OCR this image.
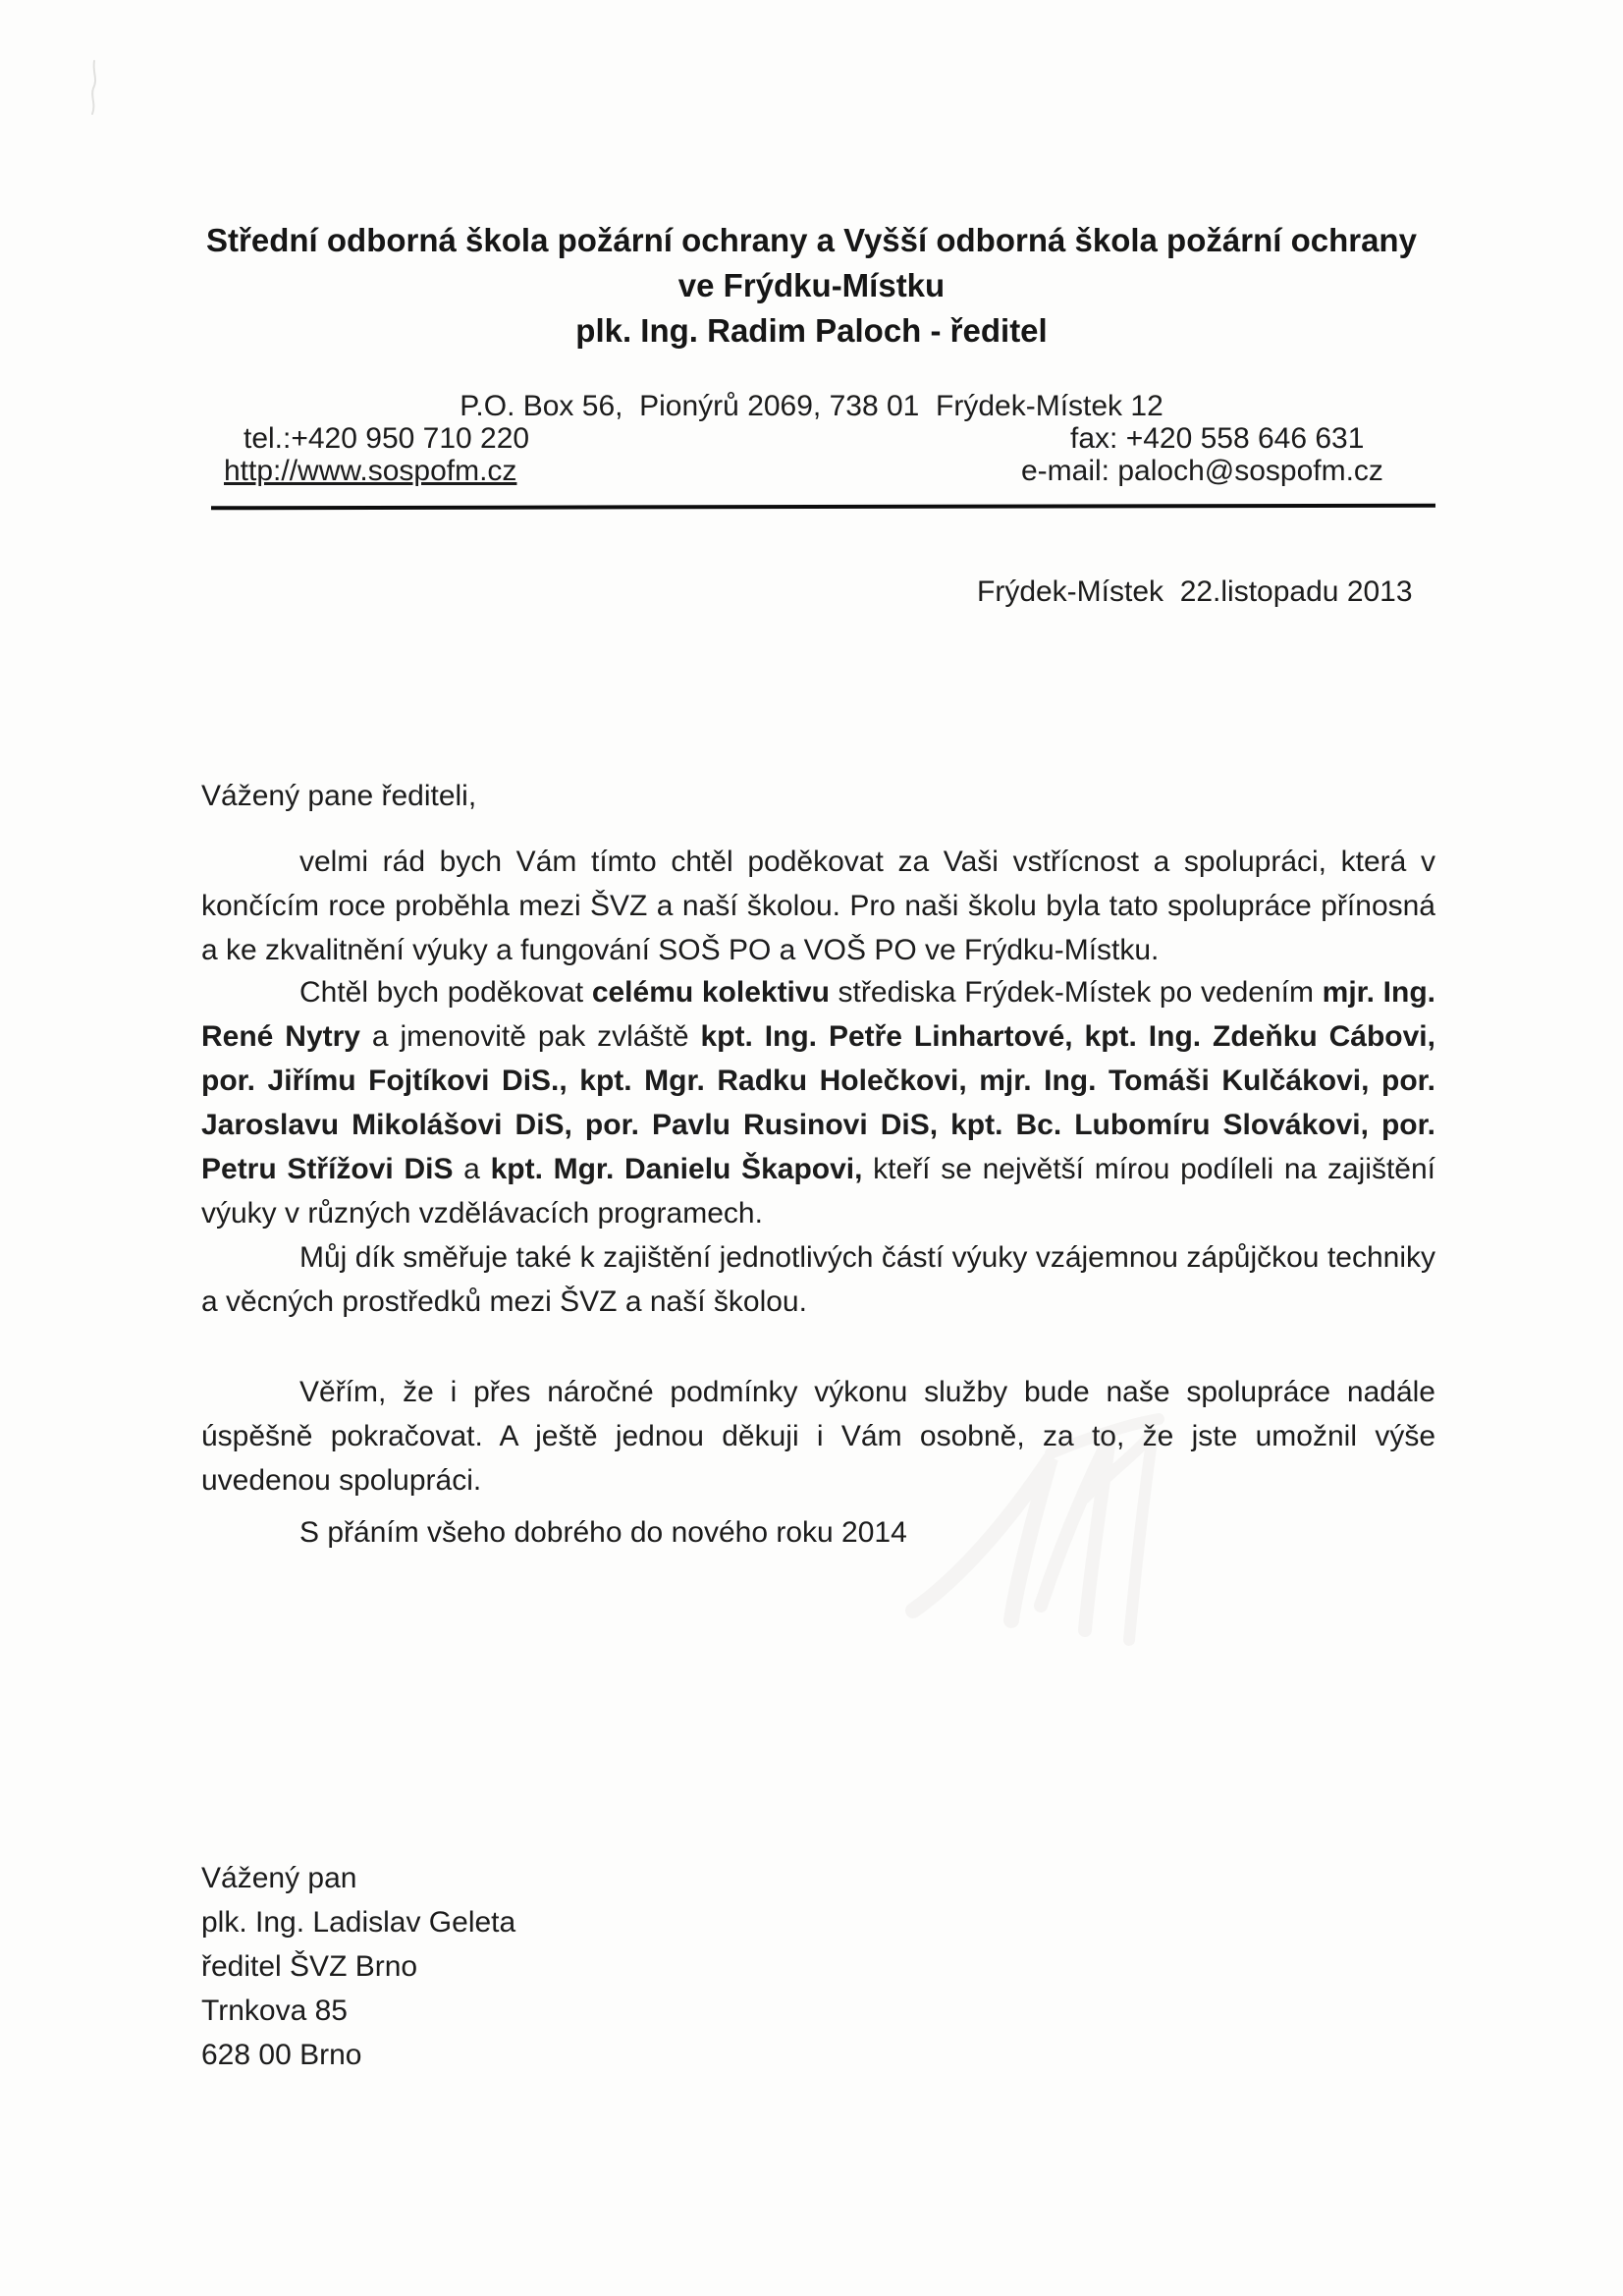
Střední odborná škola požární ochrany a Vyšší odborná škola požární ochrany
ve Frýdku-Místku
plk. Ing. Radim Paloch - ředitel
P.O. Box 56,  Pionýrů 2069, 738 01  Frýdek-Místek 12
tel.:+420 950 710 220	fax: +420 558 646 631
http://www.sospofm.cz	e-mail: paloch@sospofm.cz
Frýdek-Místek  22.listopadu 2013
Vážený pane řediteli,

velmi rád bych Vám tímto chtěl poděkovat za Vaši vstřícnost a spolupráci, která v končícím roce proběhla mezi ŠVZ a naší školou. Pro naši školu byla tato spolupráce přínosná a ke zkvalitnění výuky a fungování SOŠ PO a VOŠ PO ve Frýdku-Místku.

Chtěl bych poděkovat celému kolektivu střediska Frýdek-Místek po vedením mjr. Ing. René Nytry a jmenovitě pak zvláště kpt. Ing. Petře Linhartové, kpt. Ing. Zdeňku Cábovi, por. Jiřímu Fojtíkovi DiS., kpt. Mgr. Radku Holečkovi, mjr. Ing. Tomáši Kulčákovi, por. Jaroslavu Mikolášovi DiS, por. Pavlu Rusinovi DiS, kpt. Bc. Lubomíru Slovákovi, por. Petru Střížovi DiS a kpt. Mgr. Danielu Škapovi, kteří se největší mírou podíleli na zajištění výuky v různých vzdělávacích programech.

Můj dík směřuje také k zajištění jednotlivých částí výuky vzájemnou zápůjčkou techniky a věcných prostředků mezi ŠVZ a naší školou.

Věřím, že i přes náročné podmínky výkonu služby bude naše spolupráce nadále úspěšně pokračovat. A ještě jednou děkuji i Vám osobně, za to, že jste umožnil výše uvedenou spolupráci.

S přáním všeho dobrého do nového roku 2014
Vážený pan
plk. Ing. Ladislav Geleta
ředitel ŠVZ Brno
Trnkova 85
628 00 Brno
